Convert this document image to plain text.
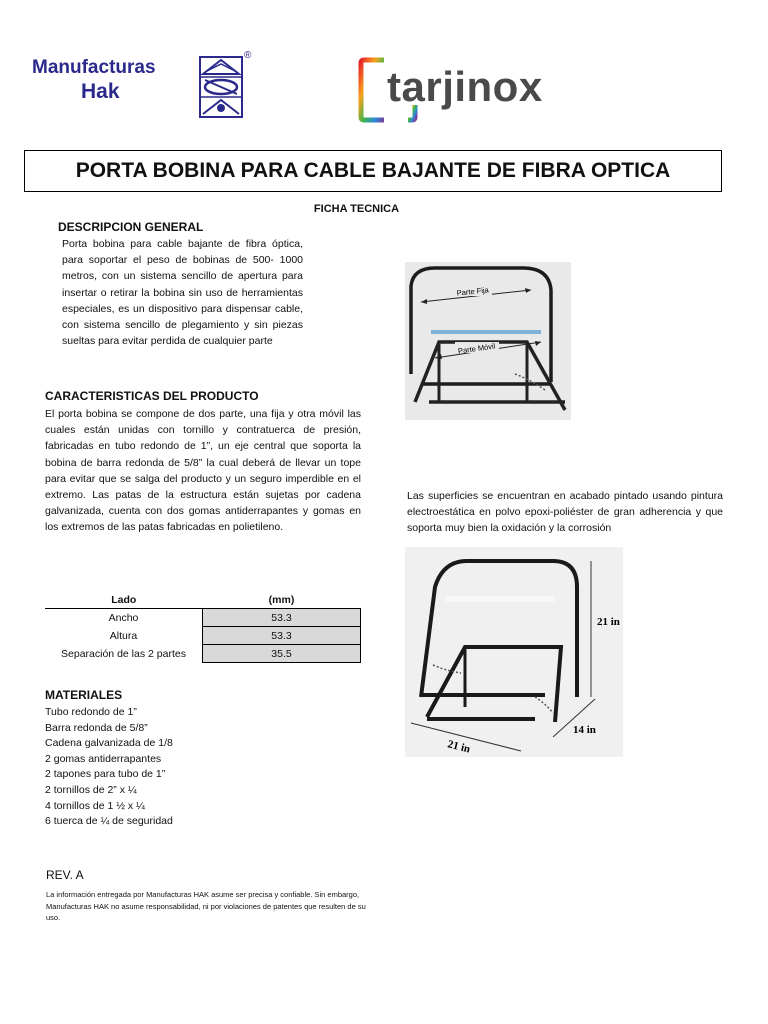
Manufacturas
Hak
®
tarjinox
PORTA BOBINA PARA CABLE BAJANTE DE FIBRA OPTICA
FICHA TECNICA
DESCRIPCION GENERAL
Porta bobina para cable bajante de fibra óptica, para soportar el peso de bobinas de 500- 1000 metros, con un sistema sencillo de apertura para insertar o retirar la bobina sin uso de herramientas especiales, es un dispositivo para dispensar cable, con sistema sencillo de plegamiento y sin piezas sueltas para evitar perdida de cualquier parte
CARACTERISTICAS DEL PRODUCTO
El porta bobina se compone de dos parte, una fija y otra móvil las cuales están unidas con tornillo y contratuerca de presión, fabricadas en tubo redondo de 1”, un eje central que soporta la bobina de barra redonda de 5/8” la cual deberá de llevar un tope para evitar que se salga del producto y un seguro imperdible en el extremo. Las patas de la estructura están sujetas por cadena galvanizada, cuenta con dos gomas antiderrapantes y gomas en los extremos de las patas fabricadas en polietileno.
Lado	(mm)
Ancho	53.3
Altura	53.3
Separación de las 2 partes	35.5
MATERIALES
Tubo redondo de 1”
Barra redonda de 5/8”
Cadena galvanizada de 1/8
2 gomas antiderrapantes
2 tapones para tubo de 1”
2 tornillos de 2” x ¼
4 tornillos de 1 ½ x ¼
6 tuerca de ¼ de seguridad
REV. A
La información entregada por Manufacturas HAK asume ser precisa y confiable. Sin embargo, Manufacturas HAK no asume responsabilidad, ni por violaciones de patentes que resulten de su uso.
Parte Fija
Parte Móvil
Las superficies se encuentran en acabado pintado usando pintura electroestática en polvo epoxi-poliéster de gran adherencia y que soporta muy bien la oxidación y la corrosión
21 in
14 in
21 in
